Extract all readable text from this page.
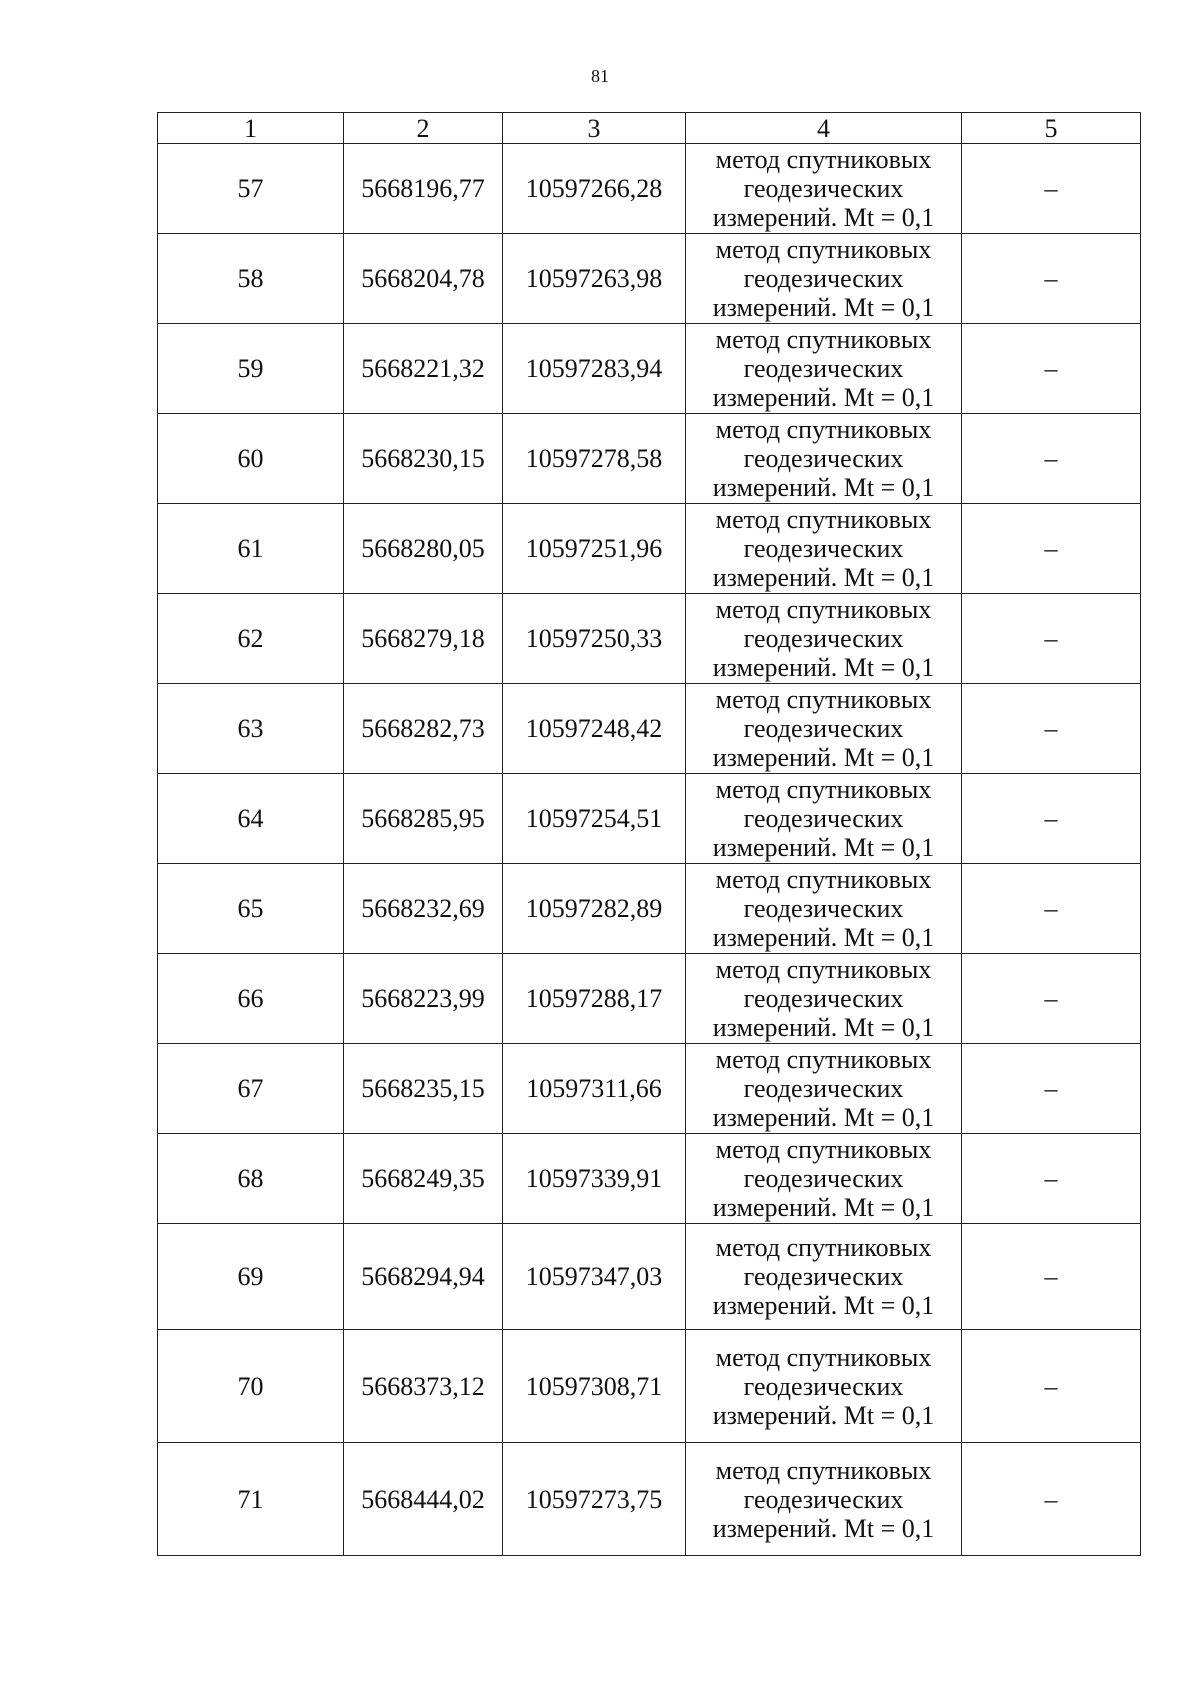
81
1	2	3	4	5
57	5668196,77	10597266,28	метод спутниковых
геодезических
измерений. Mt = 0,1	–
58	5668204,78	10597263,98	метод спутниковых
геодезических
измерений. Mt = 0,1	–
59	5668221,32	10597283,94	метод спутниковых
геодезических
измерений. Mt = 0,1	–
60	5668230,15	10597278,58	метод спутниковых
геодезических
измерений. Mt = 0,1	–
61	5668280,05	10597251,96	метод спутниковых
геодезических
измерений. Mt = 0,1	–
62	5668279,18	10597250,33	метод спутниковых
геодезических
измерений. Mt = 0,1	–
63	5668282,73	10597248,42	метод спутниковых
геодезических
измерений. Mt = 0,1	–
64	5668285,95	10597254,51	метод спутниковых
геодезических
измерений. Mt = 0,1	–
65	5668232,69	10597282,89	метод спутниковых
геодезических
измерений. Mt = 0,1	–
66	5668223,99	10597288,17	метод спутниковых
геодезических
измерений. Mt = 0,1	–
67	5668235,15	10597311,66	метод спутниковых
геодезических
измерений. Mt = 0,1	–
68	5668249,35	10597339,91	метод спутниковых
геодезических
измерений. Mt = 0,1	–
69	5668294,94	10597347,03	метод спутниковых
геодезических
измерений. Mt = 0,1	–
70	5668373,12	10597308,71	метод спутниковых
геодезических
измерений. Mt = 0,1	–
71	5668444,02	10597273,75	метод спутниковых
геодезических
измерений. Mt = 0,1	–
